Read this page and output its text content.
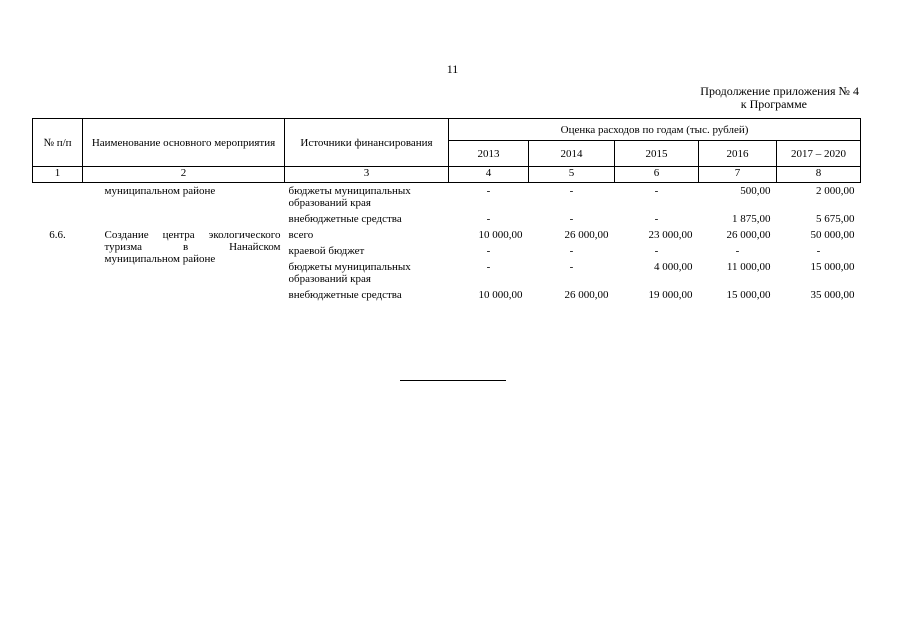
11
Продолжение приложения № 4
к Программе
№ п/п	Наименование основного мероприятия	Источники финансирования	Оценка расходов по годам (тыс. рублей)				
			2013	2014	2015	2016	2017 – 2020
1	2	3	4	5	6	7	8
	муниципальном районе	бюджеты муниципальных образований края	-	-	-	500,00	2 000,00
		внебюджетные средства	-	-	-	1 875,00	5 675,00
6.6.	Создание центра экологического туризма в Нанайском муниципальном районе	всего	10 000,00	26 000,00	23 000,00	26 000,00	50 000,00
		краевой бюджет	-	-	-	-	-
		бюджеты муниципальных образований края	-	-	4 000,00	11 000,00	15 000,00
		внебюджетные средства	10 000,00	26 000,00	19 000,00	15 000,00	35 000,00
